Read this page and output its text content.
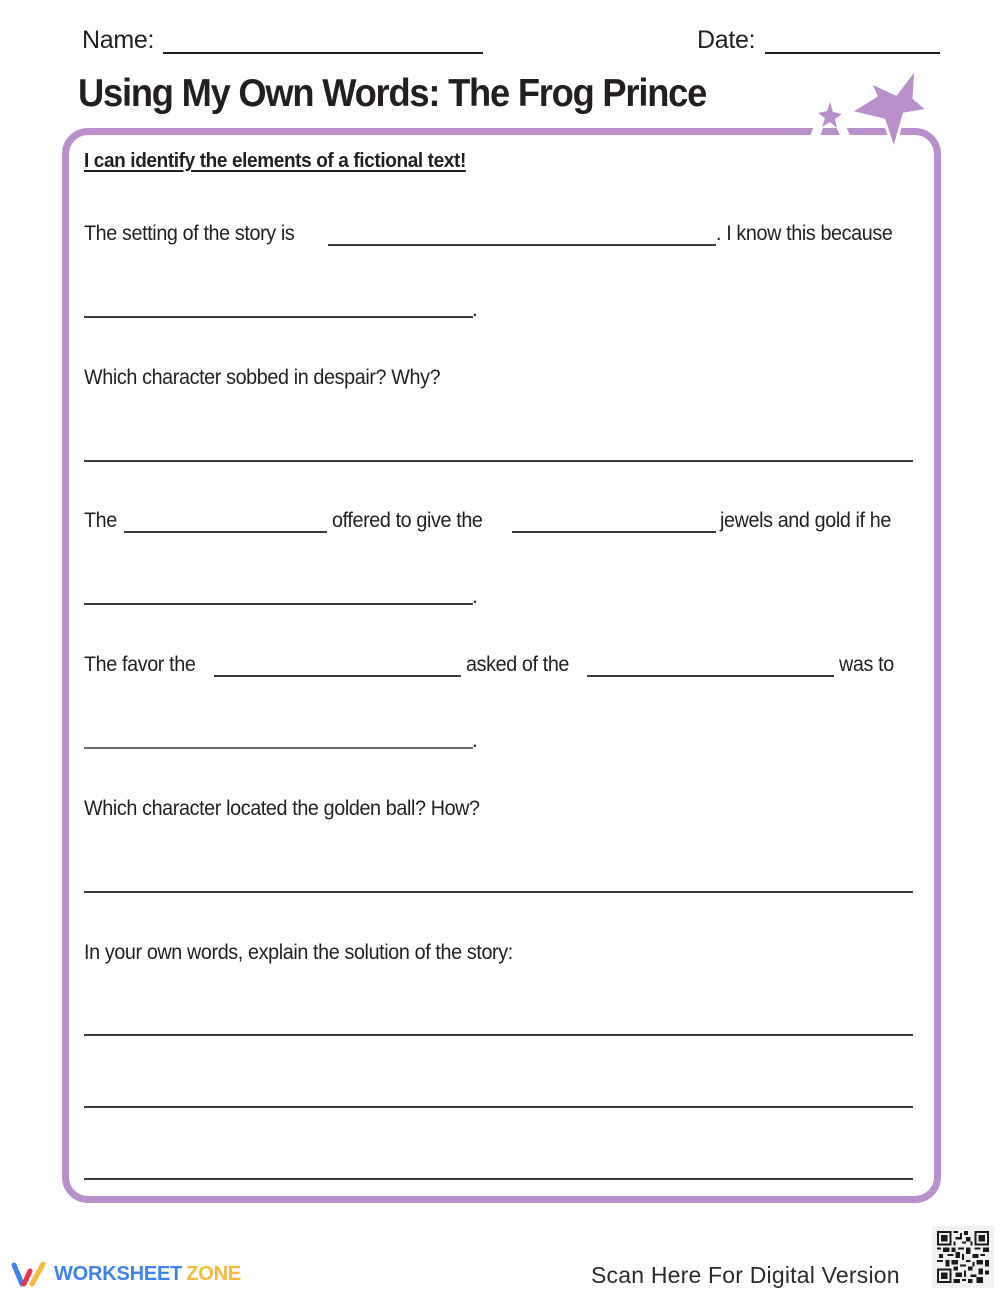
Name:	Date:
Using My Own Words: The Frog Prince
I can identify the elements of a fictional text!
The setting of the story is	. I know this because
.
Which character sobbed in despair? Why?
The	offered to give the	jewels and gold if he
.
The favor the	asked of the	was to
.
Which character located the golden ball? How?
In your own words, explain the solution of the story:
WORKSHEET ZONE	Scan Here For Digital Version
